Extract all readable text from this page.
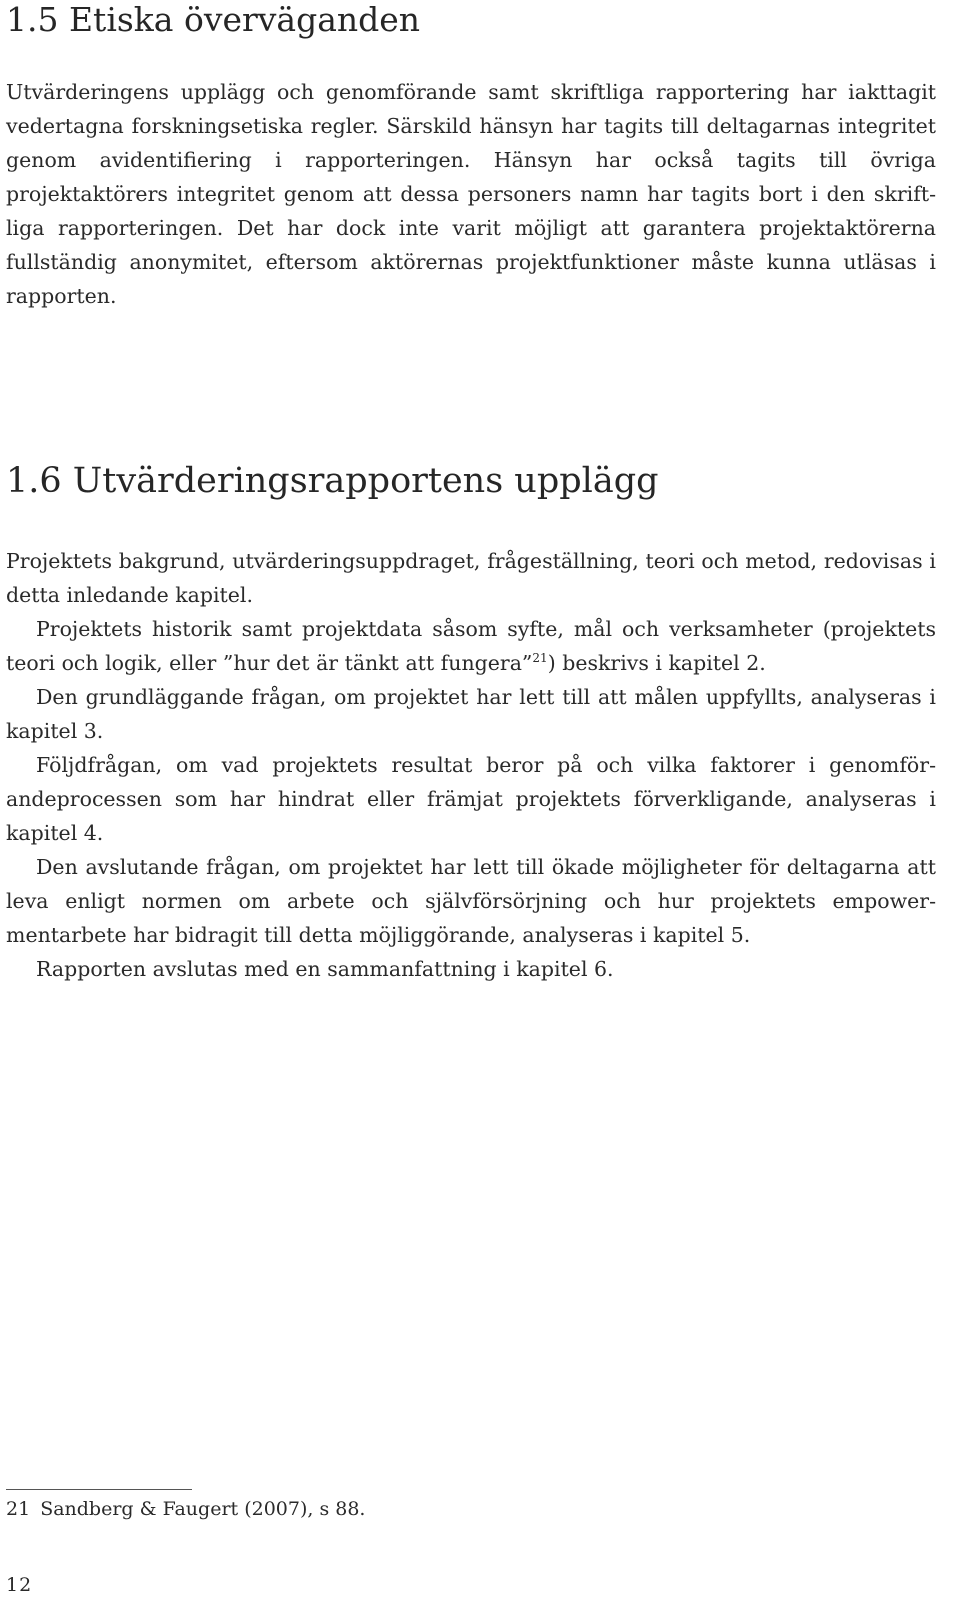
1.5 Etiska överväganden

Utvärderingens upplägg och genomförande samt skriftliga rapportering har iakttagit vedertagna forskningsetiska regler. Särskild hänsyn har tagits till deltagarnas integritet genom avidentifiering i rapporteringen. Hänsyn har också tagits till övriga projektaktörers integritet genom att dessa personers namn har tagits bort i den skriftliga rapporteringen. Det har dock inte varit möjligt att garantera projektaktörerna fullständig anonymitet, eftersom aktörernas projektfunktioner måste kunna utläsas i rapporten.

1.6 Utvärderingsrapportens upplägg

Projektets bakgrund, utvärderingsuppdraget, frågeställning, teori och metod, redovisas i detta inledande kapitel.

Projektets historik samt projektdata såsom syfte, mål och verksamheter (projektets teori och logik, eller ”hur det är tänkt att fungera”$^{21}$) beskrivs i kapitel 2.

Den grundläggande frågan, om projektet har lett till att målen uppfyllts, analyseras i kapitel 3.

Följdfrågan, om vad projektets resultat beror på och vilka faktorer i genomförandeprocessen som har hindrat eller främjat projektets förverkligande, analyseras i kapitel 4.

Den avslutande frågan, om projektet har lett till ökade möjligheter för deltagarna att leva enligt normen om arbete och självförsörjning och hur projektets empowermentarbete har bidragit till detta möjliggörande, analyseras i kapitel 5.

Rapporten avslutas med en sammanfattning i kapitel 6.

21 Sandberg & Faugert (2007), s 88.
12
